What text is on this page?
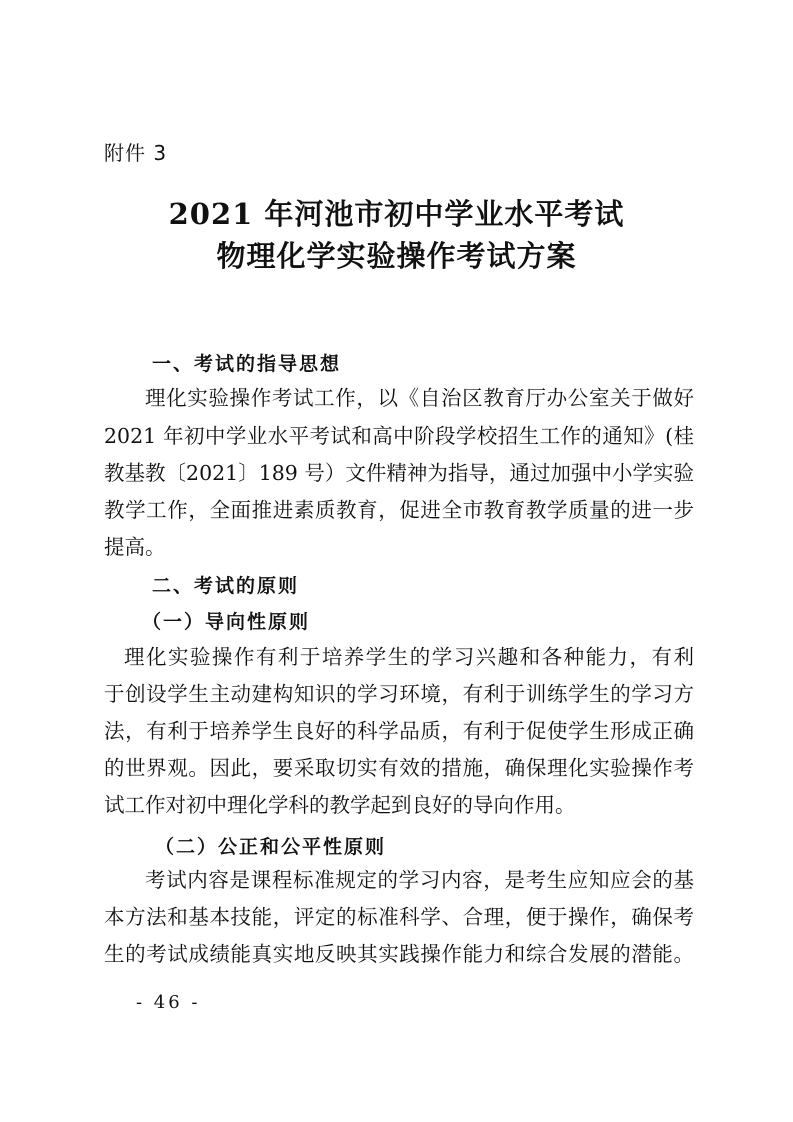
附件 3
2021 年河池市初中学业水平考试
物理化学实验操作考试方案
一、考试的指导思想
理化实验操作考试工作，以《自治区教育厅办公室关于做好
2021 年初中学业水平考试和高中阶段学校招生工作的通知》(桂
教基教〔2021〕189 号）文件精神为指导，通过加强中小学实验
教学工作，全面推进素质教育，促进全市教育教学质量的进一步
提高。
二、考试的原则
（一）导向性原则
理化实验操作有利于培养学生的学习兴趣和各种能力，有利
于创设学生主动建构知识的学习环境，有利于训练学生的学习方
法，有利于培养学生良好的科学品质，有利于促使学生形成正确
的世界观。因此，要采取切实有效的措施，确保理化实验操作考
试工作对初中理化学科的教学起到良好的导向作用。
（二）公正和公平性原则
考试内容是课程标准规定的学习内容，是考生应知应会的基
本方法和基本技能，评定的标准科学、合理，便于操作，确保考
生的考试成绩能真实地反映其实践操作能力和综合发展的潜能。
- 46 -
